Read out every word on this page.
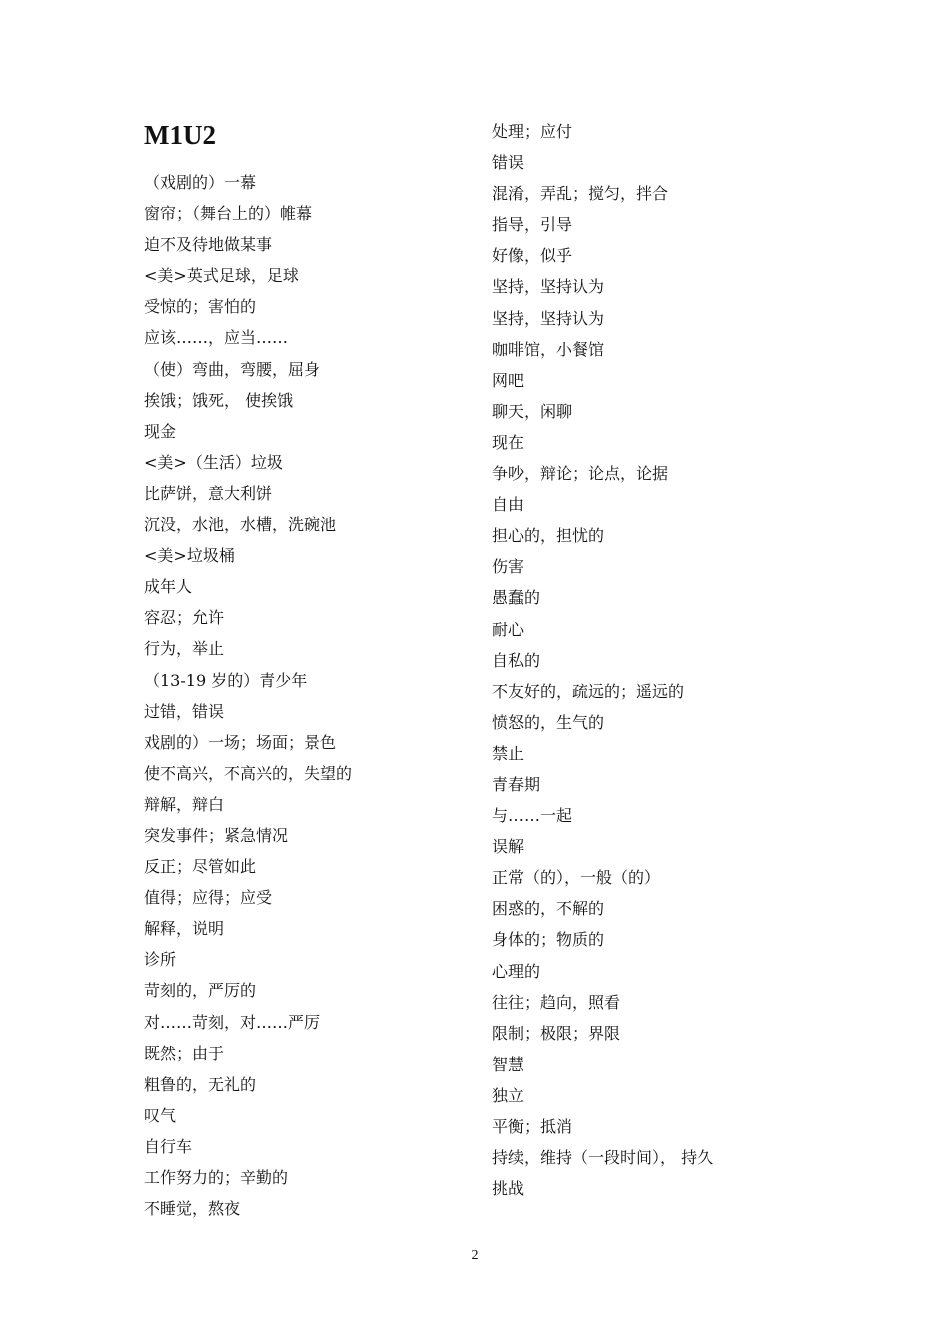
M1U2
（戏剧的）一幕
窗帘；（舞台上的）帷幕
迫不及待地做某事
<美>英式足球，足球
受惊的；害怕的
应该……，应当……
（使）弯曲，弯腰，屈身
挨饿；饿死， 使挨饿
现金
<美>（生活）垃圾
比萨饼，意大利饼
沉没，水池，水槽，洗碗池
<美>垃圾桶
成年人
容忍；允许
行为，举止
（13-19 岁的）青少年
过错，错误
戏剧的）一场；场面；景色
使不高兴，不高兴的，失望的
辩解，辩白
突发事件；紧急情况
反正；尽管如此
值得；应得；应受
解释，说明
诊所
苛刻的，严厉的
对……苛刻，对……严厉
既然；由于
粗鲁的，无礼的
叹气
自行车
工作努力的；辛勤的
不睡觉，熬夜
处理；应付
错误
混淆，弄乱；搅匀，拌合
指导，引导
好像，似乎
坚持，坚持认为
坚持，坚持认为
咖啡馆，小餐馆
网吧
聊天，闲聊
现在
争吵，辩论；论点，论据
自由
担心的，担忧的
伤害
愚蠢的
耐心
自私的
不友好的，疏远的；遥远的
愤怒的，生气的
禁止
青春期
与……一起
误解
正常（的），一般（的）
困惑的，不解的
身体的；物质的
心理的
往往；趋向，照看
限制；极限；界限
智慧
独立
平衡；抵消
持续，维持（一段时间）， 持久
挑战
2
